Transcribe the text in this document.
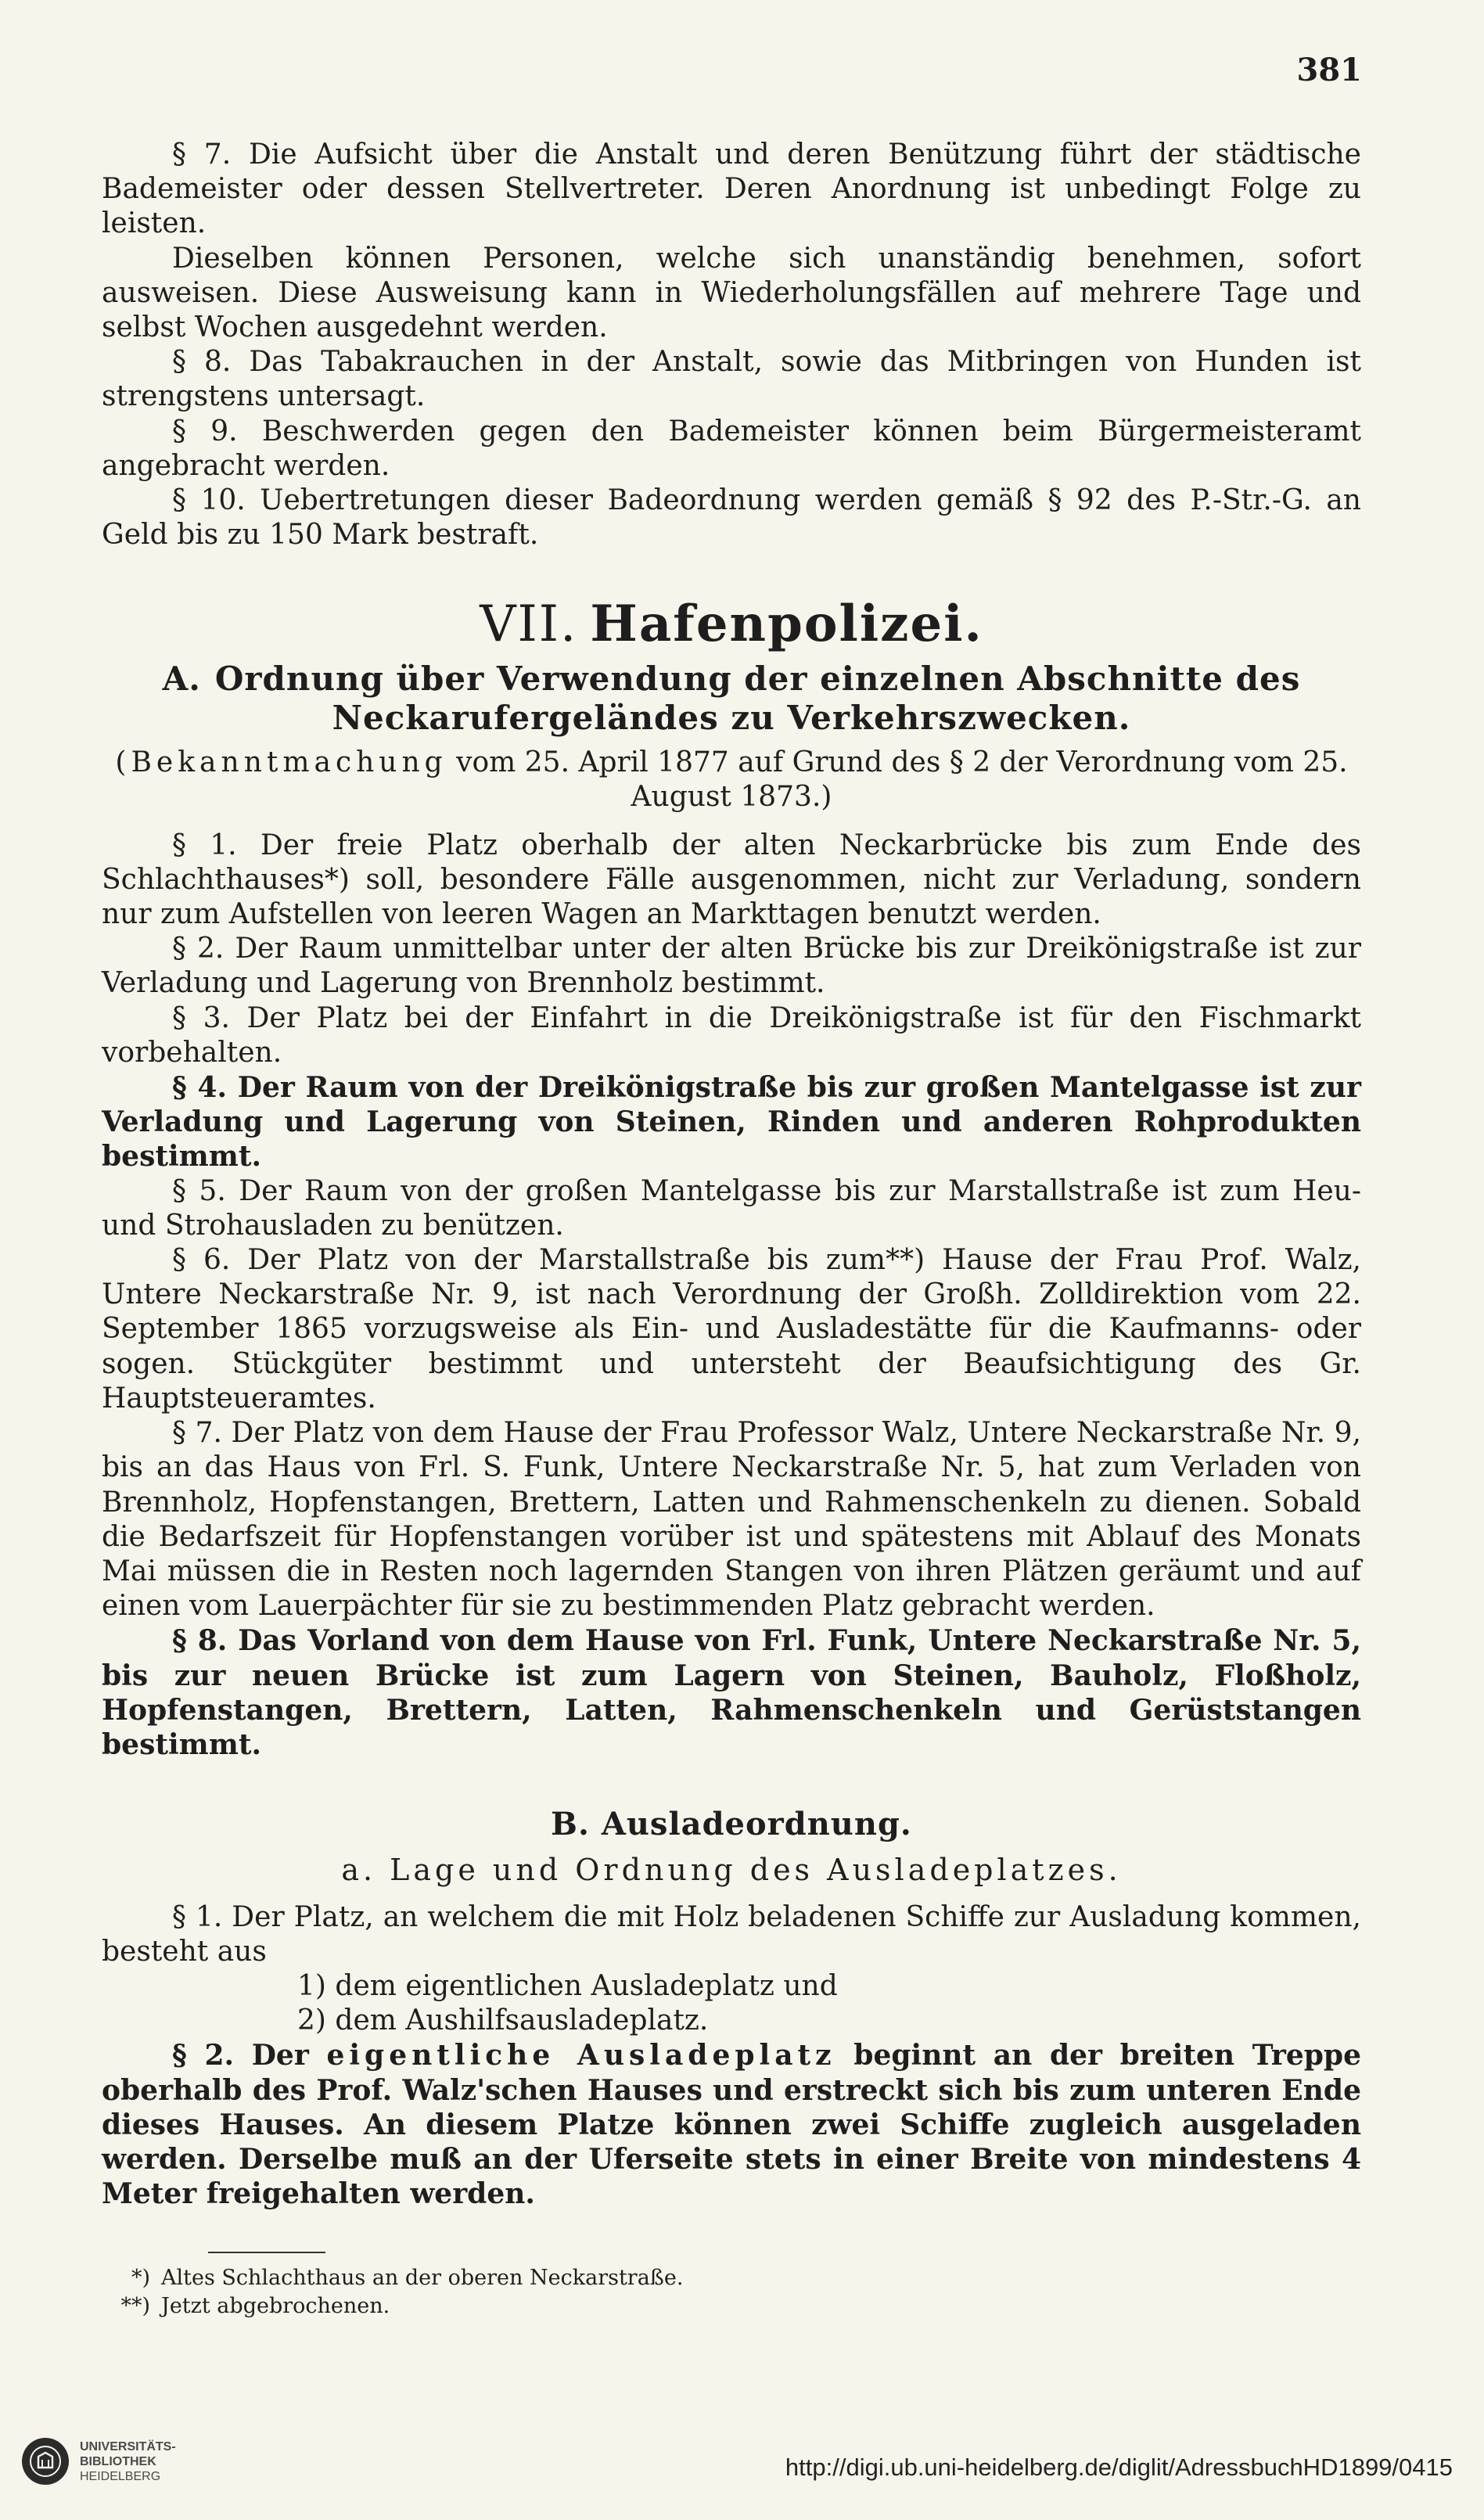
381

§ 7. Die Aufsicht über die Anstalt und deren Benützung führt der städtische Bademeister oder dessen Stellvertreter. Deren Anordnung ist unbedingt Folge zu leisten.

Dieselben können Personen, welche sich unanständig benehmen, sofort ausweisen. Diese Ausweisung kann in Wiederholungsfällen auf mehrere Tage und selbst Wochen ausgedehnt werden.

§ 8. Das Tabakrauchen in der Anstalt, sowie das Mitbringen von Hunden ist strengstens untersagt.

§ 9. Beschwerden gegen den Bademeister können beim Bürgermeisteramt angebracht werden.

§ 10. Uebertretungen dieser Badeordnung werden gemäß § 92 des P.-Str.-G. an Geld bis zu 150 Mark bestraft.

VII. Hafenpolizei.
A. Ordnung über Verwendung der einzelnen Abschnitte des Neckarufergeländes zu Verkehrszwecken.
(Bekanntmachung vom 25. April 1877 auf Grund des § 2 der Verordnung vom 25. August 1873.)

§ 1. Der freie Platz oberhalb der alten Neckarbrücke bis zum Ende des Schlachthauses*) soll, besondere Fälle ausgenommen, nicht zur Verladung, sondern nur zum Aufstellen von leeren Wagen an Markttagen benutzt werden.

§ 2. Der Raum unmittelbar unter der alten Brücke bis zur Dreikönigstraße ist zur Verladung und Lagerung von Brennholz bestimmt.

§ 3. Der Platz bei der Einfahrt in die Dreikönigstraße ist für den Fischmarkt vorbehalten.

§ 4. Der Raum von der Dreikönigstraße bis zur großen Mantelgasse ist zur Verladung und Lagerung von Steinen, Rinden und anderen Rohprodukten bestimmt.

§ 5. Der Raum von der großen Mantelgasse bis zur Marstallstraße ist zum Heu- und Strohausladen zu benützen.

§ 6. Der Platz von der Marstallstraße bis zum**) Hause der Frau Prof. Walz, Untere Neckarstraße Nr. 9, ist nach Verordnung der Großh. Zolldirektion vom 22. September 1865 vorzugsweise als Ein- und Ausladestätte für die Kaufmanns- oder sogen. Stückgüter bestimmt und untersteht der Beaufsichtigung des Gr. Hauptsteueramtes.

§ 7. Der Platz von dem Hause der Frau Professor Walz, Untere Neckarstraße Nr. 9, bis an das Haus von Frl. S. Funk, Untere Neckarstraße Nr. 5, hat zum Verladen von Brennholz, Hopfenstangen, Brettern, Latten und Rahmenschenkeln zu dienen. Sobald die Bedarfszeit für Hopfenstangen vorüber ist und spätestens mit Ablauf des Monats Mai müssen die in Resten noch lagernden Stangen von ihren Plätzen geräumt und auf einen vom Lauerpächter für sie zu bestimmenden Platz gebracht werden.

§ 8. Das Vorland von dem Hause von Frl. Funk, Untere Neckarstraße Nr. 5, bis zur neuen Brücke ist zum Lagern von Steinen, Bauholz, Floßholz, Hopfenstangen, Brettern, Latten, Rahmenschenkeln und Gerüststangen bestimmt.

B. Ausladeordnung.
a. Lage und Ordnung des Ausladeplatzes.

§ 1. Der Platz, an welchem die mit Holz beladenen Schiffe zur Ausladung kommen, besteht aus

1) dem eigentlichen Ausladeplatz und

2) dem Aushilfsausladeplatz.

§ 2. Der eigentliche Ausladeplatz beginnt an der breiten Treppe oberhalb des Prof. Walz'schen Hauses und erstreckt sich bis zum unteren Ende dieses Hauses. An diesem Platze können zwei Schiffe zugleich ausgeladen werden. Derselbe muß an der Uferseite stets in einer Breite von mindestens 4 Meter freigehalten werden.

*) Altes Schlachthaus an der oberen Neckarstraße.

**) Jetzt abgebrochenen.

UNIVERSITÄTS-
BIBLIOTHEK
HEIDELBERG	http://digi.ub.uni-heidelberg.de/diglit/AdressbuchHD1899/0415
